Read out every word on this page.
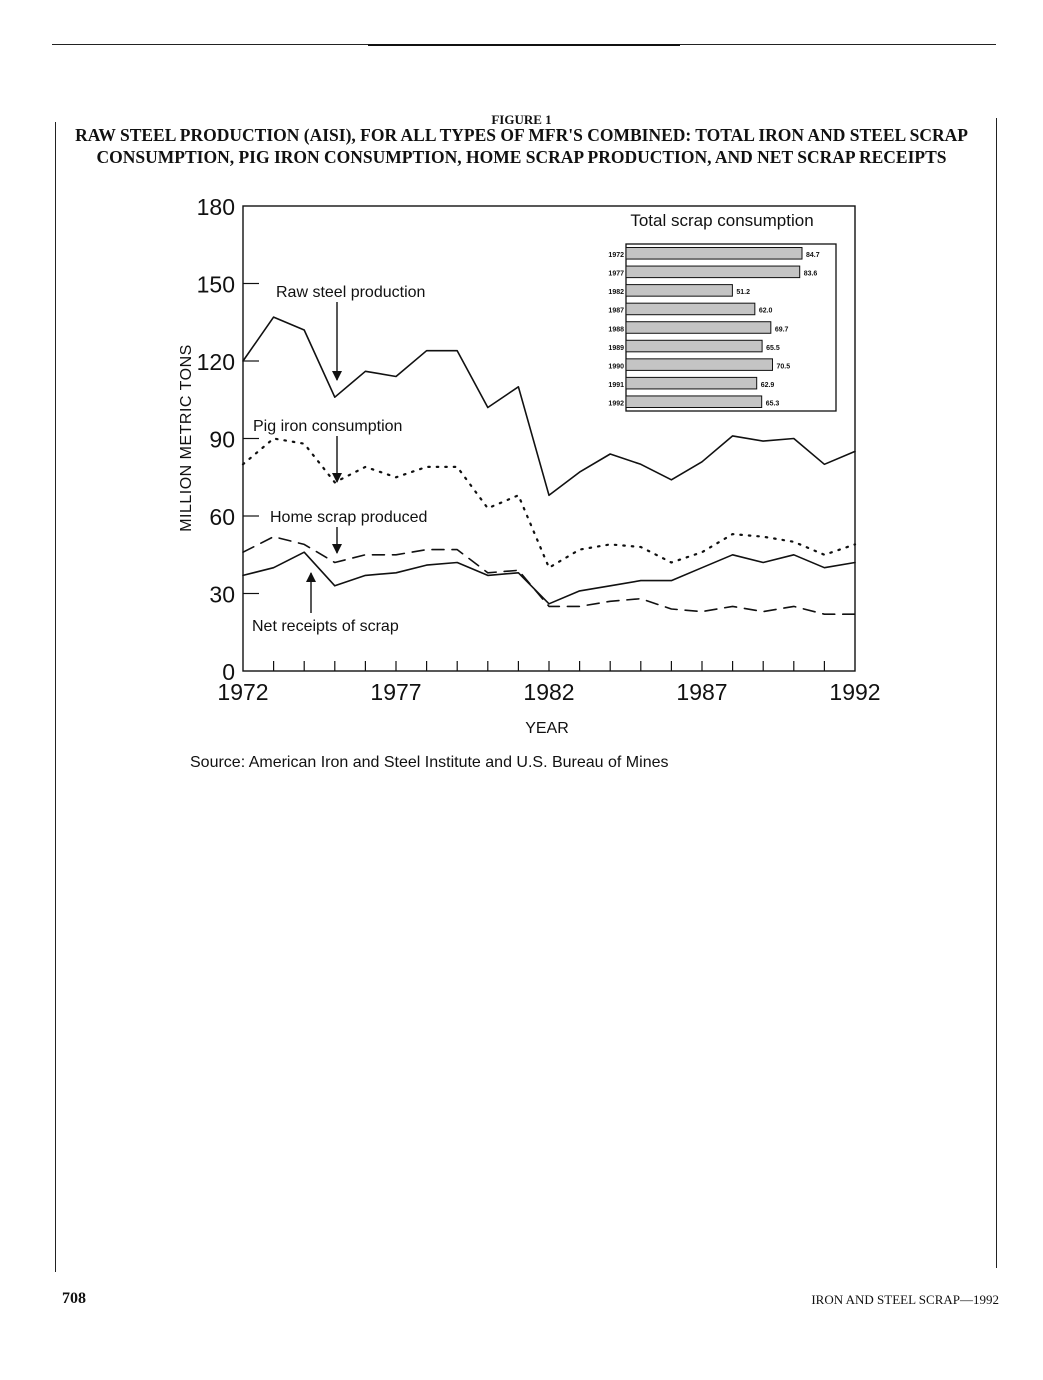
FIGURE 1
RAW STEEL PRODUCTION (AISI), FOR ALL TYPES OF MFR'S COMBINED: TOTAL IRON AND STEEL SCRAP CONSUMPTION, PIG IRON CONSUMPTION, HOME SCRAP PRODUCTION, AND NET SCRAP RECEIPTS
0
30
60
90
120
150
180
1972	1977	1982	1987	1992
YEAR
MILLION METRIC TONS
Raw steel production
Pig iron consumption
Home scrap produced
Net receipts of scrap
Total scrap consumption
1972	84.7
1977	83.6
1982	51.2
1987	62.0
1988	69.7
1989	65.5
1990	70.5
1991	62.9
1992	65.3
Source: American Iron and Steel Institute and U.S. Bureau of Mines
708	IRON AND STEEL SCRAP—1992
